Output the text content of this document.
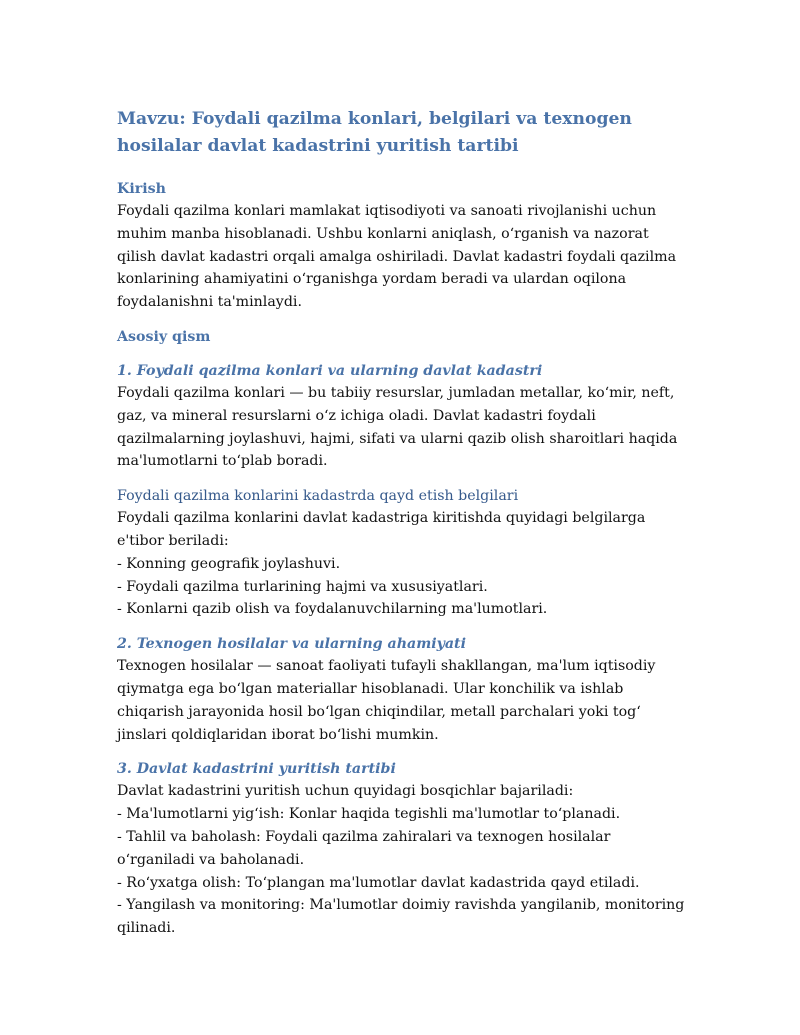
Mavzu: Foydali qazilma konlari, belgilari va texnogen hosilalar davlat kadastrini yuritish tartibi
Kirish

Foydali qazilma konlari mamlakat iqtisodiyoti va sanoati rivojlanishi uchun muhim manba hisoblanadi. Ushbu konlarni aniqlash, o‘rganish va nazorat qilish davlat kadastri orqali amalga oshiriladi. Davlat kadastri foydali qazilma konlarining ahamiyatini o‘rganishga yordam beradi va ulardan oqilona foydalanishni ta'minlaydi.

Asosiy qism
1. Foydali qazilma konlari va ularning davlat kadastri

Foydali qazilma konlari — bu tabiiy resurslar, jumladan metallar, ko‘mir, neft, gaz, va mineral resurslarni o‘z ichiga oladi. Davlat kadastri foydali qazilmalarning joylashuvi, hajmi, sifati va ularni qazib olish sharoitlari haqida ma'lumotlarni to‘plab boradi.

Foydali qazilma konlarini kadastrda qayd etish belgilari

Foydali qazilma konlarini davlat kadastriga kiritishda quyidagi belgilarga e'tibor beriladi:

- Konning geografik joylashuvi.
- Foydali qazilma turlarining hajmi va xususiyatlari.
- Konlarni qazib olish va foydalanuvchilarning ma'lumotlari.
2. Texnogen hosilalar va ularning ahamiyati

Texnogen hosilalar — sanoat faoliyati tufayli shakllangan, ma'lum iqtisodiy qiymatga ega bo‘lgan materiallar hisoblanadi. Ular konchilik va ishlab chiqarish jarayonida hosil bo‘lgan chiqindilar, metall parchalari yoki tog‘ jinslari qoldiqlaridan iborat bo‘lishi mumkin.

3. Davlat kadastrini yuritish tartibi

Davlat kadastrini yuritish uchun quyidagi bosqichlar bajariladi:

- Ma'lumotlarni yig‘ish: Konlar haqida tegishli ma'lumotlar to‘planadi.
- Tahlil va baholash: Foydali qazilma zahiralari va texnogen hosilalar o‘rganiladi va baholanadi.
- Ro‘yxatga olish: To‘plangan ma'lumotlar davlat kadastrida qayd etiladi.
- Yangilash va monitoring: Ma'lumotlar doimiy ravishda yangilanib, monitoring qilinadi.
